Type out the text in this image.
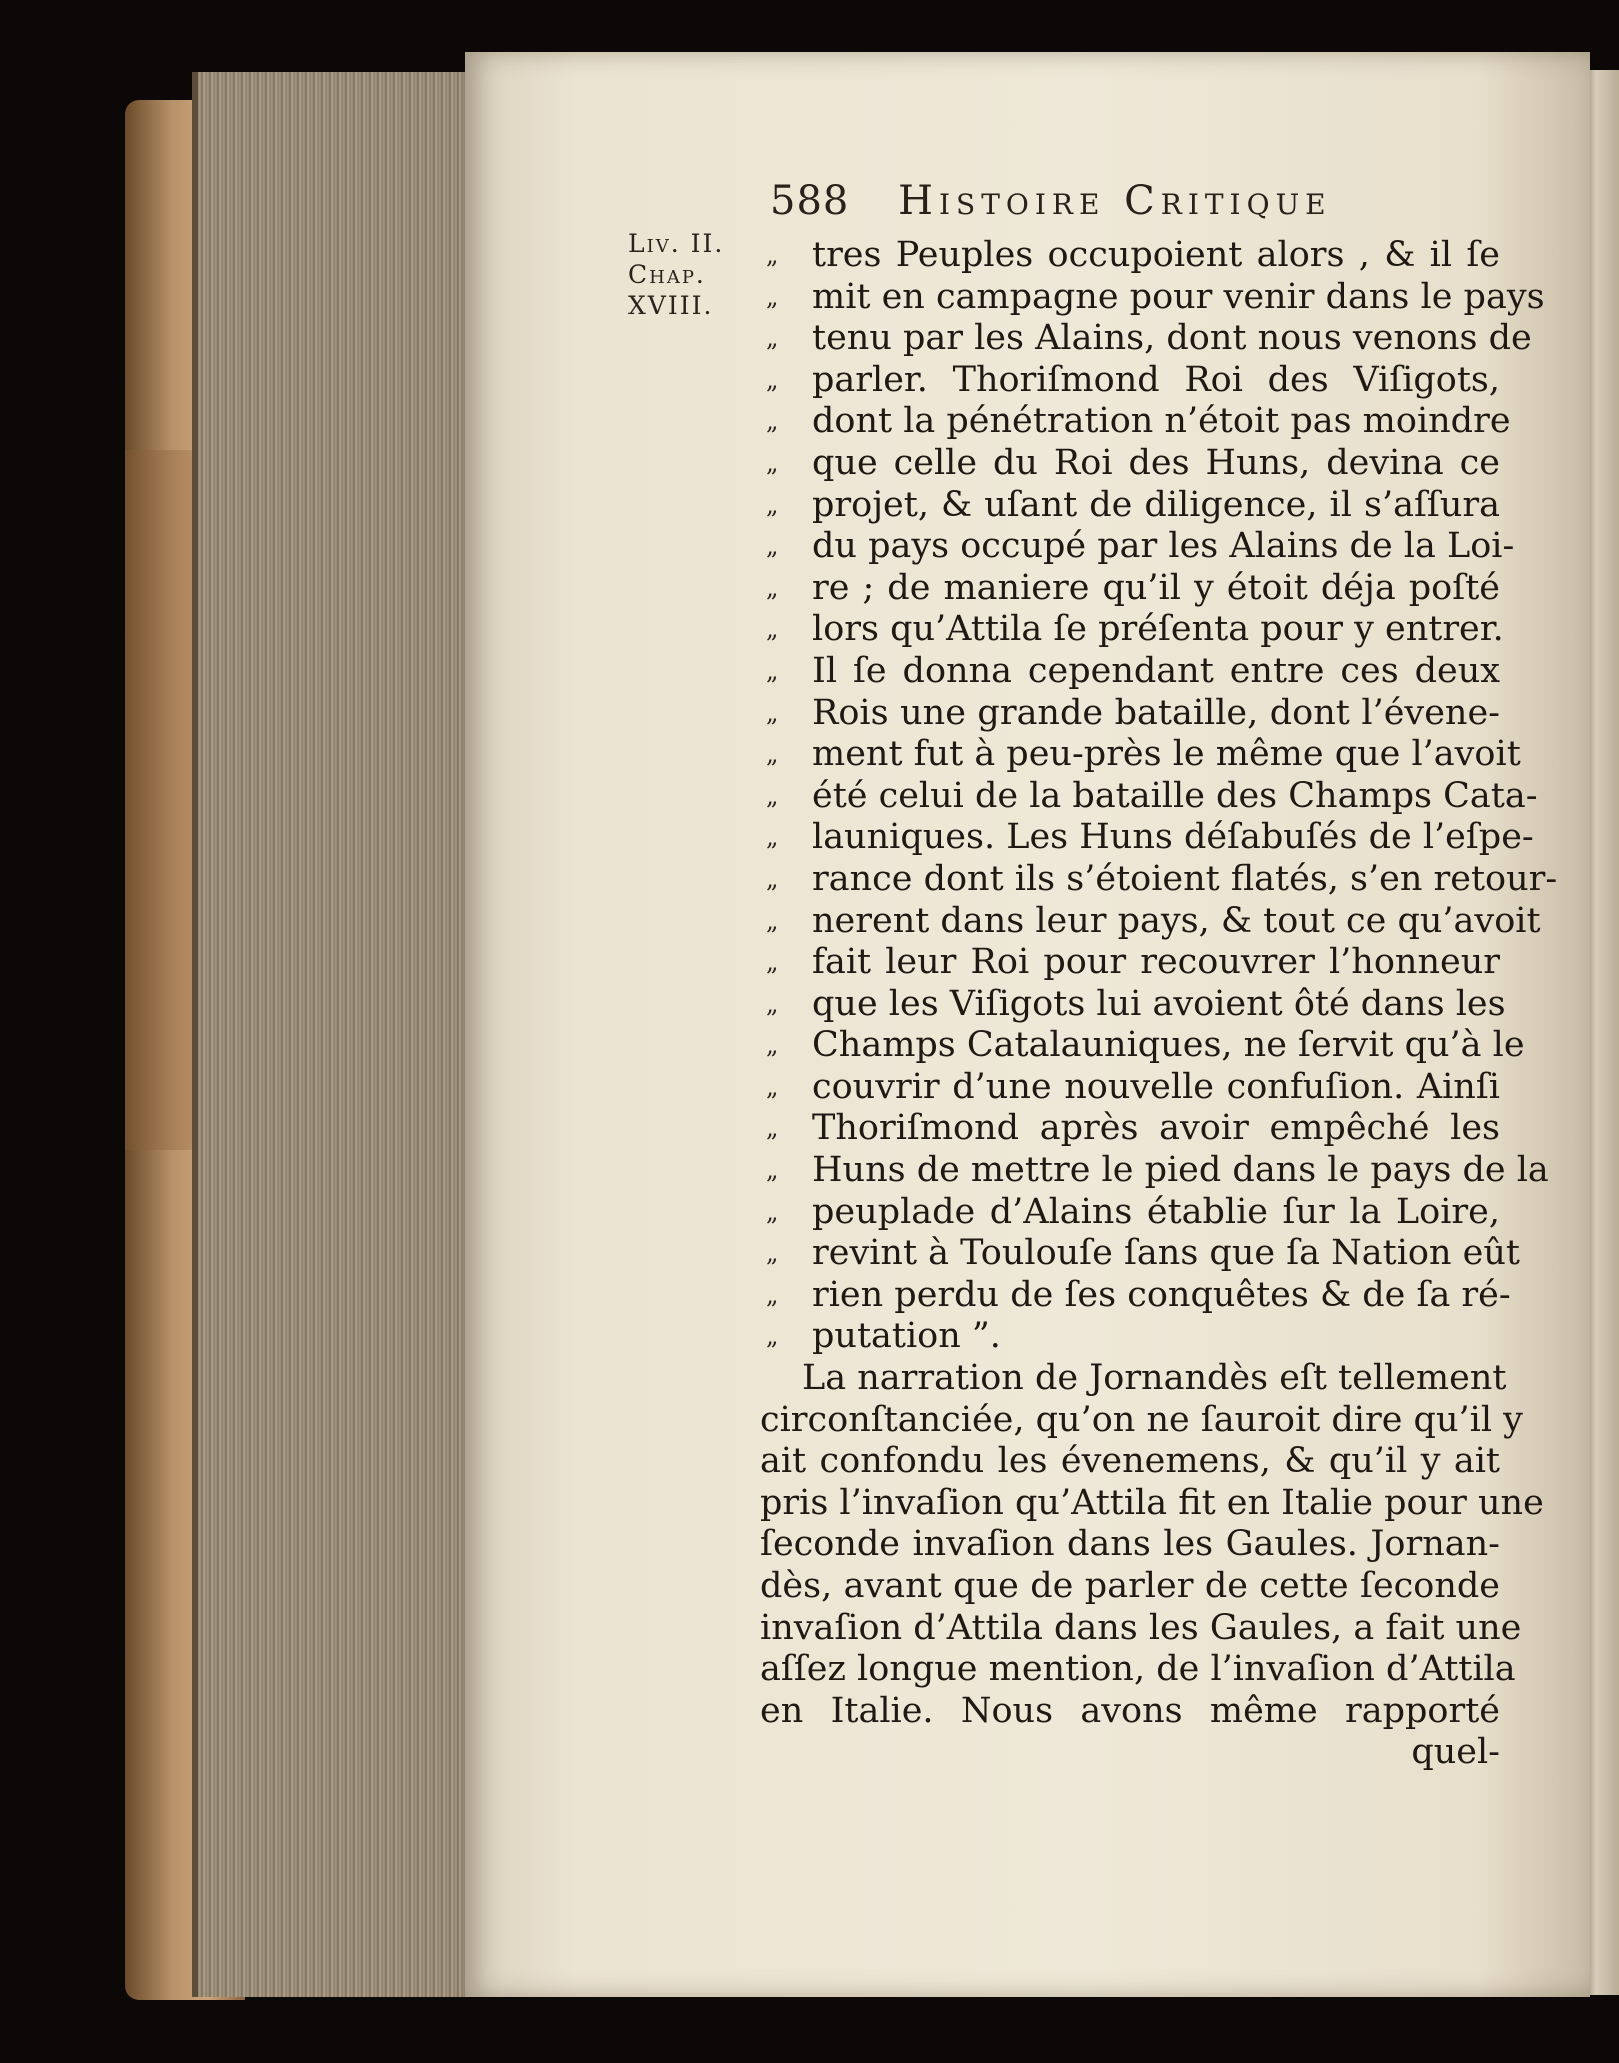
588 Histoire Critique
Liv. II.
Chap.
XVIII.
„ tres Peuples occupoient alors , & il ſe
„ mit en campagne pour venir dans le pays
„ tenu par les Alains, dont nous venons de
„ parler. Thoriſmond Roi des Viſigots,
„ dont la pénétration n’étoit pas moindre
„ que celle du Roi des Huns, devina ce
„ projet, & uſant de diligence, il s’aſſura
„ du pays occupé par les Alains de la Loi-
„ re ; de maniere qu’il y étoit déja poſté
„ lors qu’Attila ſe préſenta pour y entrer.
„ Il ſe donna cependant entre ces deux
„ Rois une grande bataille, dont l’évene-
„ ment fut à peu-près le même que l’avoit
„ été celui de la bataille des Champs Cata-
„ launiques. Les Huns déſabuſés de l’eſpe-
„ rance dont ils s’étoient flatés, s’en retour-
„ nerent dans leur pays, & tout ce qu’avoit
„ fait leur Roi pour recouvrer l’honneur
„ que les Viſigots lui avoient ôté dans les
„ Champs Catalauniques, ne ſervit qu’à le
„ couvrir d’une nouvelle confuſion. Ainſi
„ Thoriſmond après avoir empêché les
„ Huns de mettre le pied dans le pays de la
„ peuplade d’Alains établie ſur la Loire,
„ revint à Toulouſe ſans que ſa Nation eût
„ rien perdu de ſes conquêtes & de ſa ré-
„ putation ”.
La narration de Jornandès eſt tellement
circonſtanciée, qu’on ne ſauroit dire qu’il y
ait confondu les évenemens, & qu’il y ait
pris l’invaſion qu’Attila fit en Italie pour une
ſeconde invaſion dans les Gaules. Jornan-
dès, avant que de parler de cette ſeconde
invaſion d’Attila dans les Gaules, a fait une
aſſez longue mention, de l’invaſion d’Attila
en Italie. Nous avons même rapporté
quel-
